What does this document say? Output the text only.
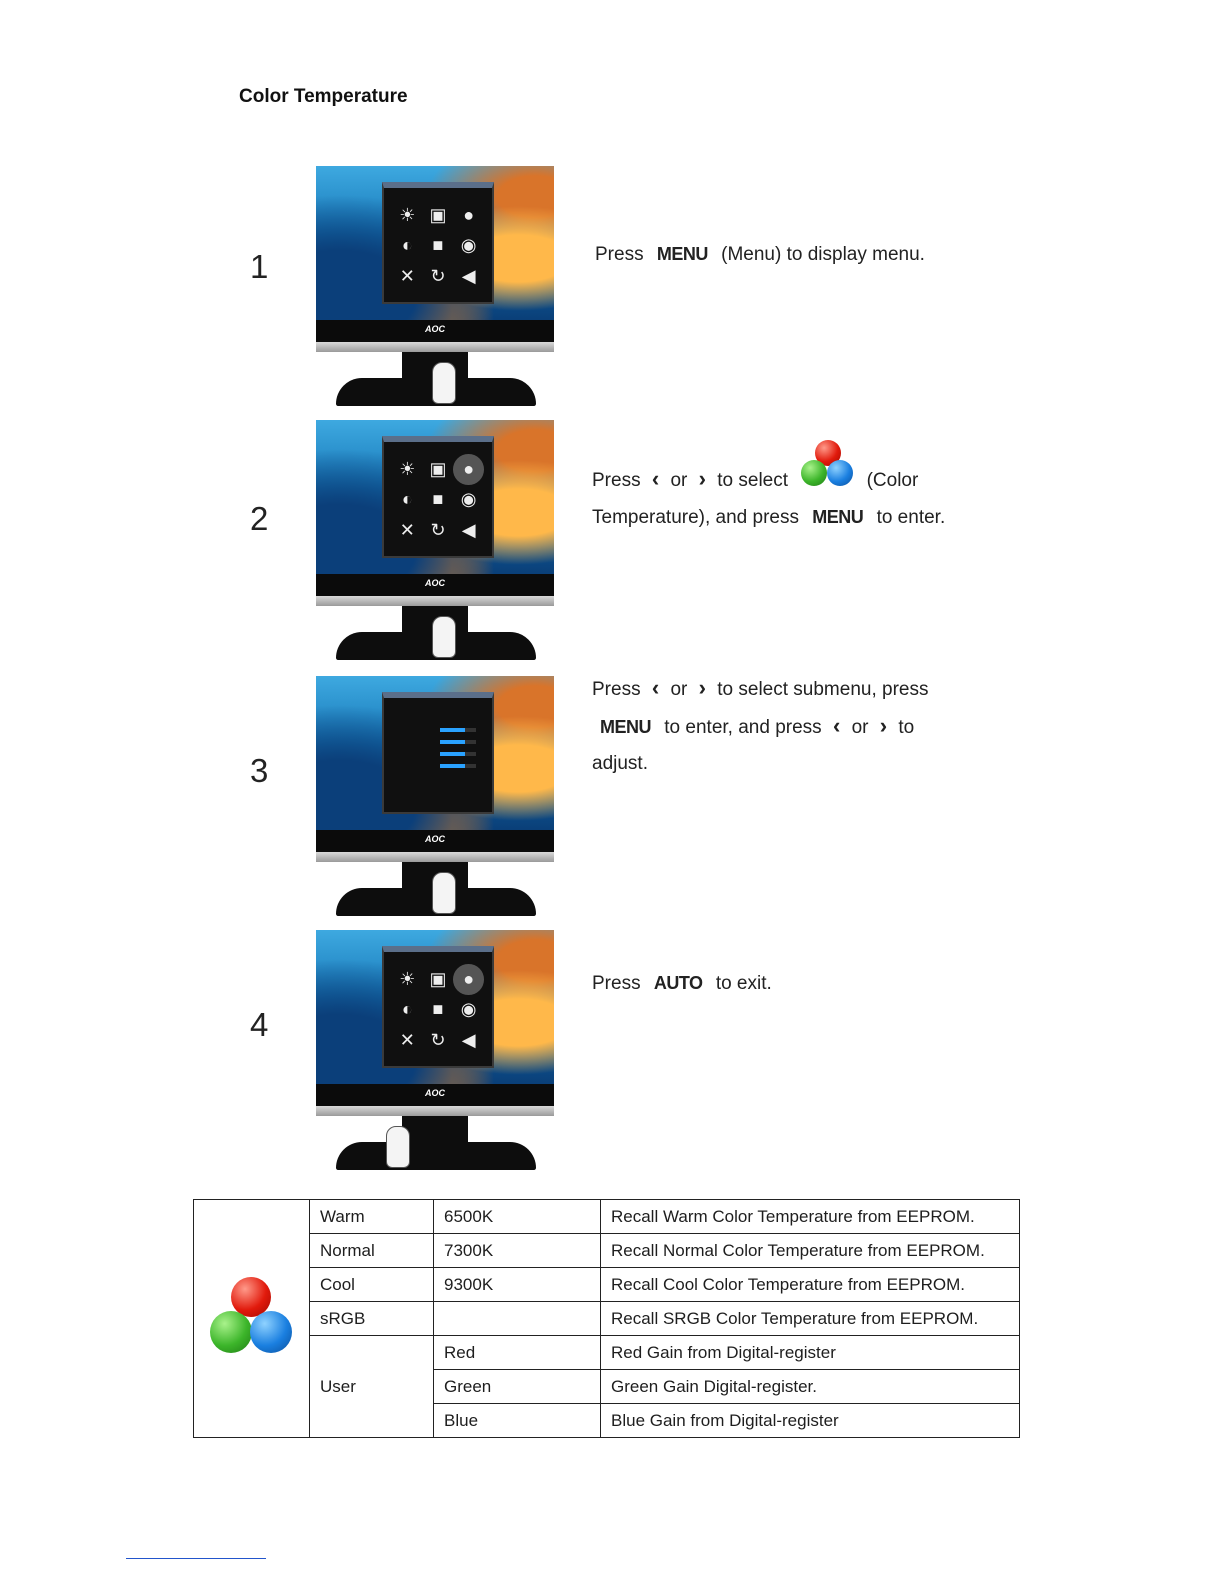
Color Temperature
1
☀ ▣ ●
◐	■ ◉
✕ ↻ ◀
AOC
Press MENU (Menu) to display menu.
2
☀ ▣ ●
◐	■ ◉
✕ ↻ ◀
AOC
Press ‹ or › to select	(Color Temperature), and press MENU to enter.
3
AOC
Press ‹ or › to select submenu, press
MENU to enter, and press ‹ or › to adjust.
4
☀ ▣ ●
◐	■ ◉
✕ ↻ ◀
AOC
Press AUTO to exit.
	Warm	6500K	Recall Warm Color Temperature from EEPROM.
	Normal	7300K	Recall Normal Color Temperature from EEPROM.
	Cool	9300K	Recall Cool Color Temperature from EEPROM.
	sRGB		Recall SRGB Color Temperature from EEPROM.
	User	Red	Red Gain from Digital-register
		Green	Green Gain Digital-register.
		Blue	Blue Gain from Digital-register
